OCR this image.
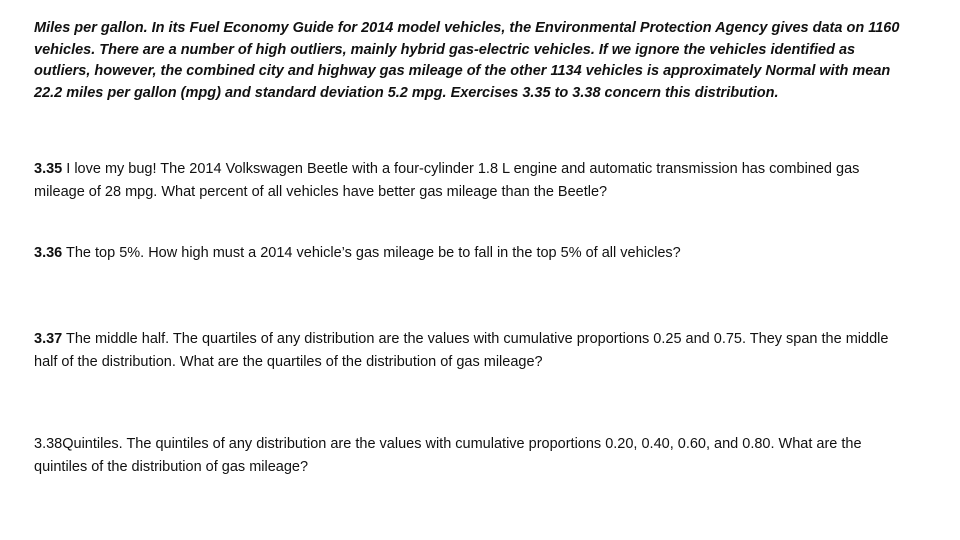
Miles per gallon. In its Fuel Economy Guide for 2014 model vehicles, the Environmental Protection Agency gives data on 1160 vehicles. There are a number of high outliers, mainly hybrid gas-electric vehicles. If we ignore the vehicles identified as outliers, however, the combined city and highway gas mileage of the other 1134 vehicles is approximately Normal with mean 22.2 miles per gallon (mpg) and standard deviation 5.2 mpg. Exercises 3.35 to 3.38 concern this distribution.

3.35 I love my bug! The 2014 Volkswagen Beetle with a four-cylinder 1.8 L engine and automatic transmission has combined gas mileage of 28 mpg. What percent of all vehicles have better gas mileage than the Beetle?

3.36 The top 5%. How high must a 2014 vehicle’s gas mileage be to fall in the top 5% of all vehicles?

3.37 The middle half. The quartiles of any distribution are the values with cumulative proportions 0.25 and 0.75. They span the middle half of the distribution. What are the quartiles of the distribution of gas mileage?

3.38Quintiles. The quintiles of any distribution are the values with cumulative proportions 0.20, 0.40, 0.60, and 0.80. What are the quintiles of the distribution of gas mileage?
